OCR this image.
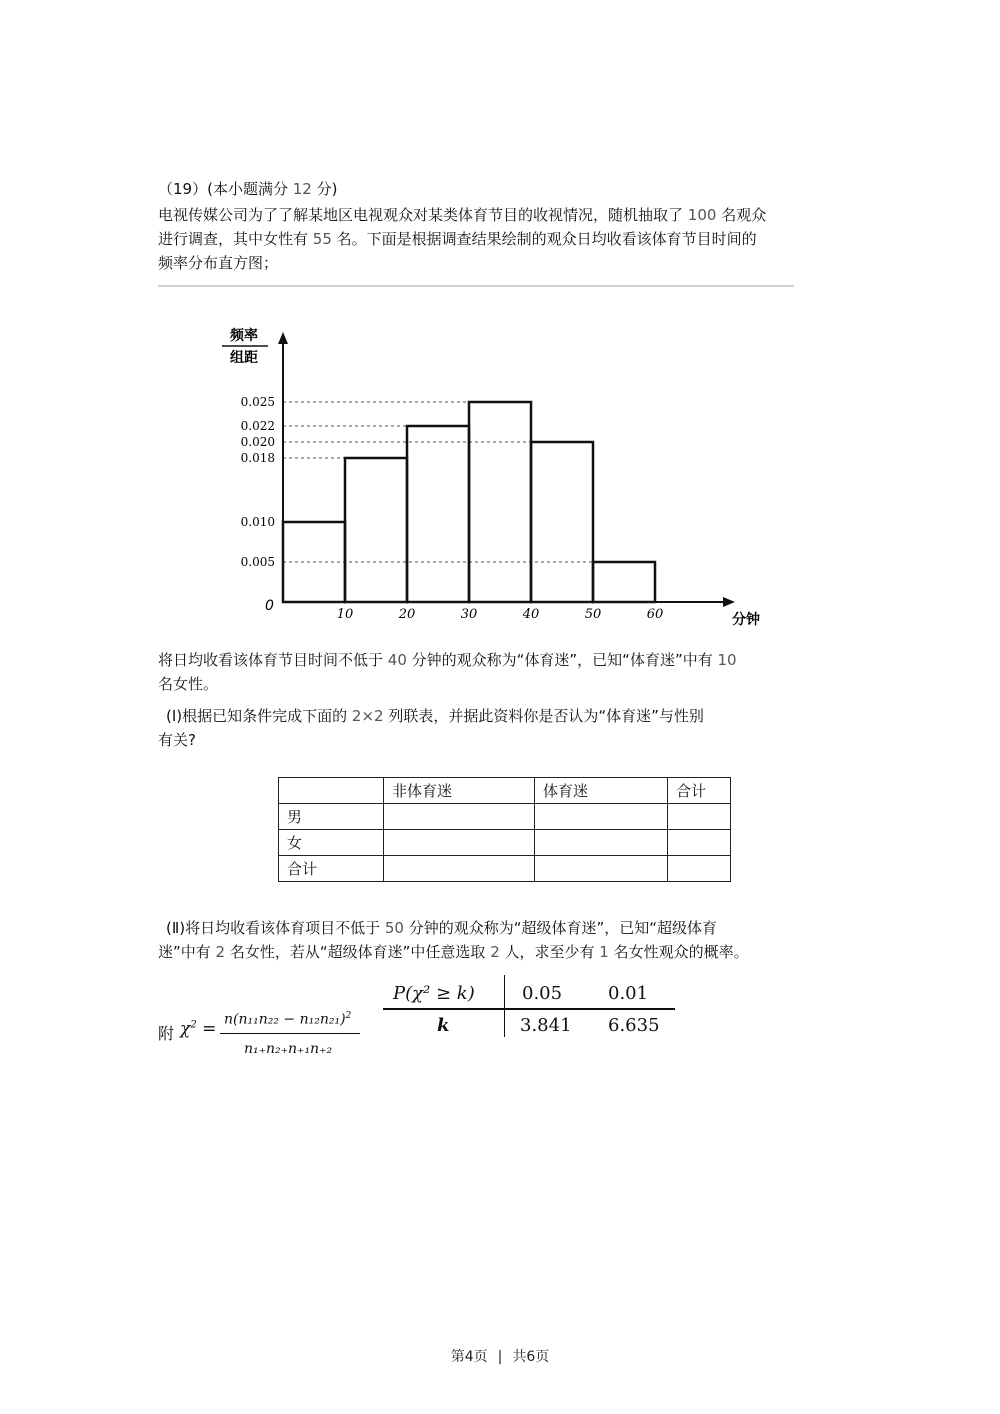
（19）(本小题满分 12 分)
电视传媒公司为了了解某地区电视观众对某类体育节目的收视情况，随机抽取了 100 名观众
进行调查，其中女性有 55 名。下面是根据调查结果绘制的观众日均收看该体育节目时间的
频率分布直方图；
频率
组距
0
分钟
0.025
0.022
0.020
0.018
0.010
0.005
10	20	30	40	50	60
将日均收看该体育节目时间不低于 40 分钟的观众称为“体育迷”，已知“体育迷”中有 10
名女性。
(Ⅰ)根据已知条件完成下面的 2×2 列联表，并据此资料你是否认为“体育迷”与性别
有关?
	非体育迷	体育迷	合计
男			
女			
合计			
(Ⅱ)将日均收看该体育项目不低于 50 分钟的观众称为“超级体育迷”，已知“超级体育
迷”中有 2 名女性，若从“超级体育迷”中任意选取 2 人，求至少有 1 名女性观众的概率。
附 $\chi^2 = n(n_{11}n_{22} - n_{12}n_{21})^2$
n₁₊n₂₊n₊₁n₊₂
P(χ² ≥ k)	0.05	0.01
k	3.841 6.635
第4页 | 共6页
